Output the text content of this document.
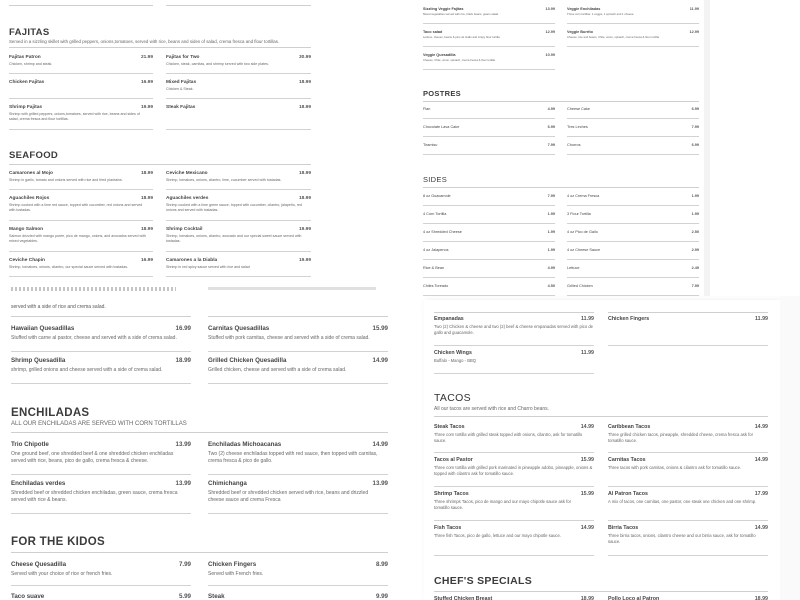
FAJITAS
Served in a sizzling skillet with grilled peppers, onions,tomatoes, served with rice, beans and sides of salad, crema fresca and flour tortillas.
Fajitas Patron	21.99
Chicken, shrimp and steak.
Fajitas for Two	30.99
Chicken, steak, carnitas, and shrimp served with two side plates.
Chicken Fajitas	16.99	Mixed Fajitas	18.99
Chicken & Steak.
Shrimp Fajitas	19.99
Shrimp with grilled peppers, onions,tomatoes, served with rice, beans and sides of salad, crema fresca and flour tortillas.
Steak Fajitas	18.99
SEAFOOD
Camarones al Mojo	18.99
Shrimp in garlic, tomato and onions served with rice and fried plantains.
Ceviche Mexicano	18.99
Shrimp, tomatoes, onions, cilantro, lime, cucumber served with tostadas.
Aguachiles Rojos	18.99
Shrimp cooked with a lime red sauce, topped with cucumber, red onions and served with tostadas.
Aguachiles verdes	18.99
Shrimp cooked with a lime green sauce, topped with cucumber, cilantro, jalapeño, red onions and served with tostadas.
Mango Salmon	18.99
Salmon drizzled with mango purée, pico de mango, onions, and avocados served with mixed vegetables.
Shrimp Cocktail	19.99
Shrimp, tomatoes, onions, cilantro, avocado and our special sweet sauce served with tostadas.
Ceviche Chapin	16.99
Shrimp, tomatoes, onions, cilantro, our special sauce served with tostadas.
Camarones a la Diabla	19.99
Shrimp in red spicy sauce served with rice and salad
served with a side of rice and crema salad.
Hawaiian Quesadillas	16.99
Stuffed with carne al pastor, cheese and served with a side of crema salad.
Carnitas Quesadillas	15.99
Stuffed with pork carnitas, cheese and served with a side of crema salad.
Shrimp Quesadilla	18.99
shrimp, grilled onions and cheese served with a side of crema salad.
Grilled Chicken Quesadilla	14.99
Grilled chicken, cheese and served with a side of crema salad.
ENCHILADAS
ALL OUR ENCHILADAS ARE SERVED WITH CORN TORTILLAS
Trio Chipotle	13.99
One ground beef, one shredded beef & one shredded chicken enchiladas served with rice, beans, pico de gallo, crema fresca & cheese.
Enchiladas Michoacanas	14.99
Two (2) cheese enchiladas topped with red sauce, then topped with carnitas, crema fresca & pico de gallo.
Enchiladas verdes	13.99
Shredded beef or shredded chicken enchiladas, green sauce, crema fresca served with rice & beans.
Chimichanga	13.99
Shredded beef or shredded chicken served with rice, beans and drizzled cheese sauce and crema Fresca
FOR THE KIDOS
Cheese Quesadilla	7.99
Served with your choice of rice or french fries.
Chicken Fingers	8.99
Served with French fries.
Taco suave	5.99	Steak	9.99
Sizzling Veggie Fajitas	13.99
Mixed vegetables served with rice, black beans, guaco salad.
Veggie Enchiladas	11.99
Three corn tortillas: 1 veggie, 1 spinach and 1 cheese.
Taco salad	12.99
Lettuce, cheese, beans & pico de Gallo and crispy flour tortilla.
Veggie Burrito	12.99
Cheese, rice and beans, Chile, onion, spinach, crema fresca & flour tortilla
Veggie Quesadilla	10.99
Cheese, Chile, onion, spinach, crema fresca & flour tortilla
POSTRES
Flan	4.99	Cheese Cake	6.99
Chocolate Lava Cake	6.99	Tres Leches	7.99
Tiramisu	7.99	Churros	6.99
SIDES
8 oz Guacamole	7.99	4 oz Crema Fresca	1.99
4 Corn Tortilla	1.99	3 Flour Tortilla	1.99
4 oz Shredded Cheese	1.99	4 oz Pico de Gallo	2.50
4 oz Jalapenos	1.99	4 oz Cheese Sauce	2.99
Rice & Bean	4.99	Lettuce	2.49
Chiles Toreado	4.50	Grilled Chicken	7.99
Empanadas	11.99
Two (2) Chicken & cheese and two (2) beef & cheese empanadas served with pico de gallo and guacamole.
Chicken Fingers	11.99
Chicken Wings	11.99
Buffalo - Mango - BBQ
TACOS
All our tacos are served with rice and Charro beans.
Steak Tacos	14.99
Three corn tortilla with grilled steak topped with onions, cilantro, ask for tomatillo sauce.
Caribbean Tacos	14.99
Three grilled chicken tacos, pineapple, shredded cheese, crema fresca ask for tomatillo sauce.
Tacos al Pastor	15.99
Three corn tortilla with grilled pork marinated in pineapple adobo, pineapple, onions & topped with cilantro ask for tomatillo sauce.
Carnitas Tacos	14.99
Three tacos with pork carnitas, onions & cilantro ask for tomatillo sauce.
Shrimp Tacos	15.99
Three shrimps Tacos, pico de mango and our mayo chipotle sauce ask for tomatillo sauce.
Al Patron Tacos	17.99
A mix of tacos, one carnitas, one pastor, one steak one chicken and one shrimp.
Fish Tacos	14.99
Three fish Tacos, pico de gallo, lettuce and our mayo chipotle sauce.
Birria Tacos	14.99
Three birria tacos, onions, cilantro cheese and our birria sauce, ask for tomatillo sauce.
CHEF'S SPECIALS
Stuffed Chicken Breast	18.99	Pollo Loco al Patron	18.99
